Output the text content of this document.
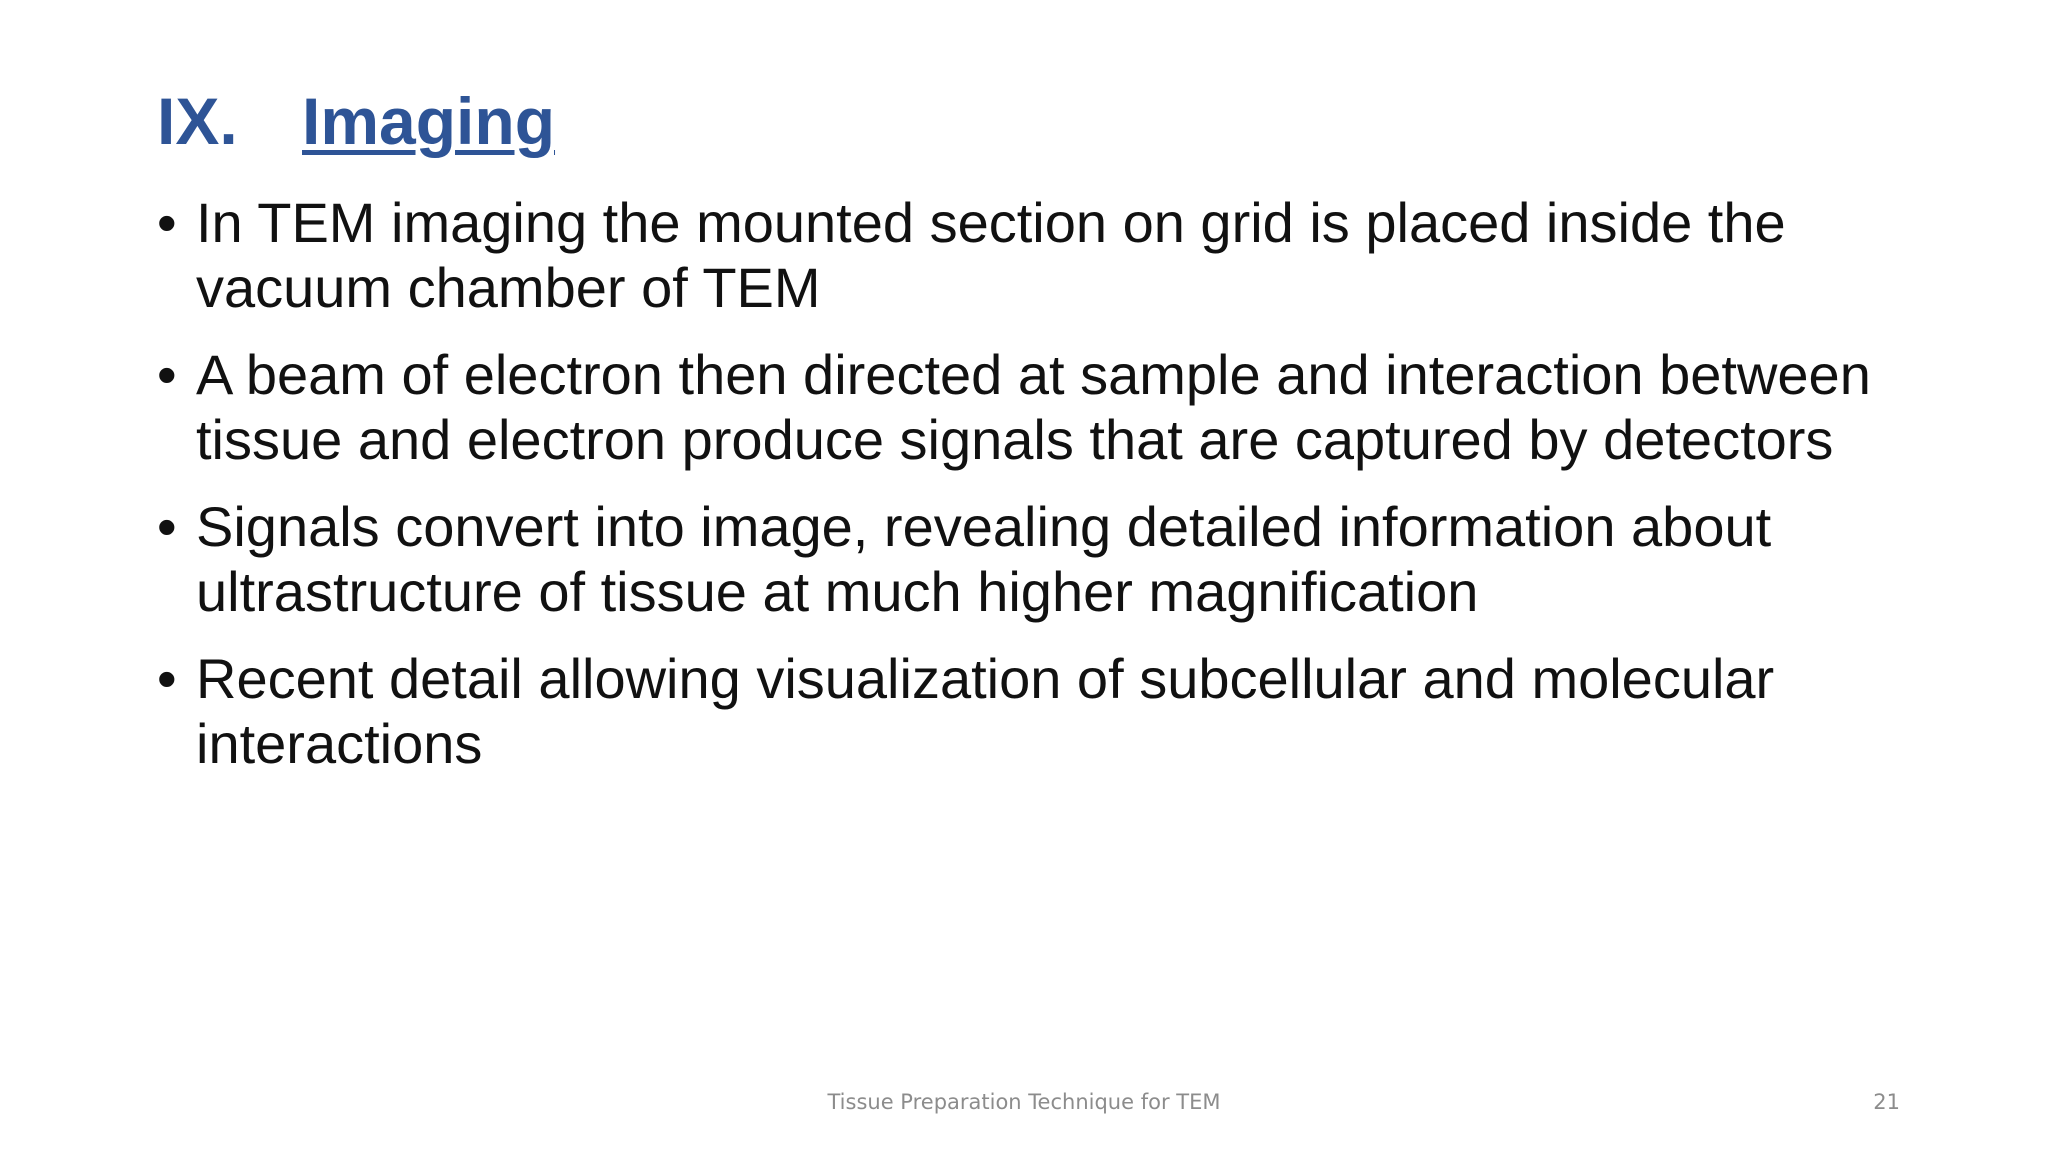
IX. Imaging
• In TEM imaging the mounted section on grid is placed inside the vacuum chamber of TEM
• A beam of electron then directed at sample and interaction between tissue and electron produce signals that are captured by detectors
• Signals convert into image, revealing detailed information about ultrastructure of tissue at much higher magnification
• Recent detail allowing visualization of subcellular and molecular interactions
Tissue Preparation Technique for TEM	21
